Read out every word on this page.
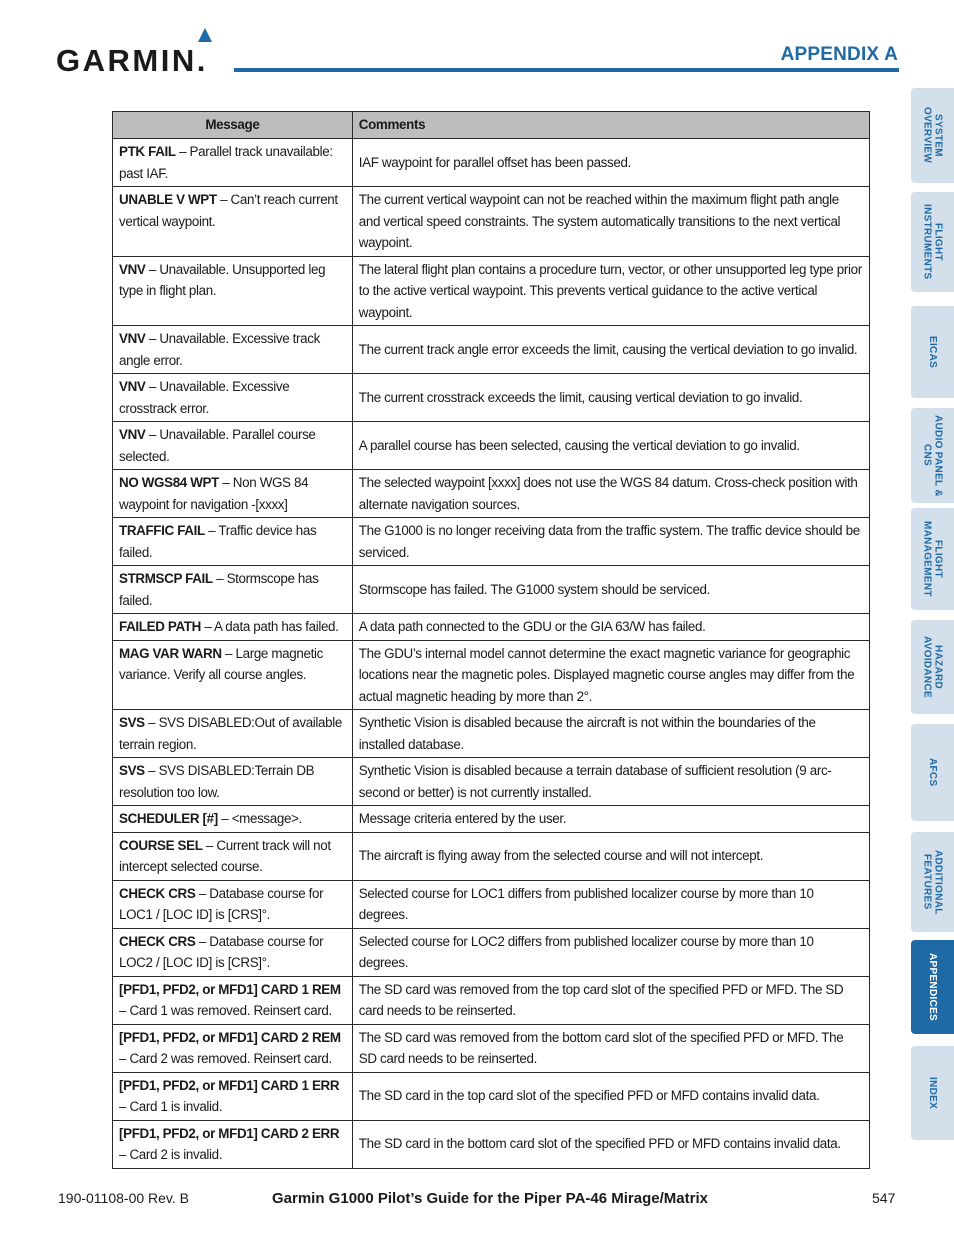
GARMIN.	APPENDIX A
Message	Comments
PTK FAIL – Parallel track unavailable: past IAF.	IAF waypoint for parallel offset has been passed.
UNABLE V WPT – Can’t reach current vertical waypoint.	The current vertical waypoint can not be reached within the maximum flight path angle and vertical speed constraints. The system automatically transitions to the next vertical waypoint.
VNV – Unavailable. Unsupported leg type in flight plan.	The lateral flight plan contains a procedure turn, vector, or other unsupported leg type prior to the active vertical waypoint. This prevents vertical guidance to the active vertical waypoint.
VNV – Unavailable. Excessive track angle error.	The current track angle error exceeds the limit, causing the vertical deviation to go invalid.
VNV – Unavailable. Excessive crosstrack error.	The current crosstrack exceeds the limit, causing vertical deviation to go invalid.
VNV – Unavailable. Parallel course selected.	A parallel course has been selected, causing the vertical deviation to go invalid.
NO WGS84 WPT – Non WGS 84 waypoint for navigation -[xxxx]	The selected waypoint [xxxx] does not use the WGS 84 datum. Cross-check position with alternate navigation sources.
TRAFFIC FAIL – Traffic device has failed.	The G1000 is no longer receiving data from the traffic system. The traffic device should be serviced.
STRMSCP FAIL – Stormscope has failed.	Stormscope has failed. The G1000 system should be serviced.
FAILED PATH – A data path has failed.	A data path connected to the GDU or the GIA 63/W has failed.
MAG VAR WARN – Large magnetic variance. Verify all course angles.	The GDU’s internal model cannot determine the exact magnetic variance for geographic locations near the magnetic poles. Displayed magnetic course angles may differ from the actual magnetic heading by more than 2°.
SVS – SVS DISABLED:Out of available terrain region.	Synthetic Vision is disabled because the aircraft is not within the boundaries of the installed database.
SVS – SVS DISABLED:Terrain DB resolution too low.	Synthetic Vision is disabled because a terrain database of sufficient resolution (9 arc-second or better) is not currently installed.
SCHEDULER [#] – <message>.	Message criteria entered by the user.
COURSE SEL – Current track will not intercept selected course.	The aircraft is flying away from the selected course and will not intercept.
CHECK CRS – Database course for LOC1 / [LOC ID] is [CRS]°.	Selected course for LOC1 differs from published localizer course by more than 10 degrees.
CHECK CRS – Database course for LOC2 / [LOC ID] is [CRS]°.	Selected course for LOC2 differs from published localizer course by more than 10 degrees.
[PFD1, PFD2, or MFD1] CARD 1 REM – Card 1 was removed. Reinsert card.	The SD card was removed from the top card slot of the specified PFD or MFD. The SD card needs to be reinserted.
[PFD1, PFD2, or MFD1] CARD 2 REM – Card 2 was removed. Reinsert card.	The SD card was removed from the bottom card slot of the specified PFD or MFD. The SD card needs to be reinserted.
[PFD1, PFD2, or MFD1] CARD 1 ERR – Card 1 is invalid.	The SD card in the top card slot of the specified PFD or MFD contains invalid data.
[PFD1, PFD2, or MFD1] CARD 2 ERR – Card 2 is invalid.	The SD card in the bottom card slot of the specified PFD or MFD contains invalid data.
SYSTEM OVERVIEW
FLIGHT INSTRUMENTS
EICAS
AUDIO PANEL & CNS
FLIGHT MANAGEMENT
HAZARD AVOIDANCE
AFCS
ADDITIONAL FEATURES
APPENDICES
INDEX
190-01108-00 Rev. B	Garmin G1000 Pilot’s Guide for the Piper PA-46 Mirage/Matrix	547
